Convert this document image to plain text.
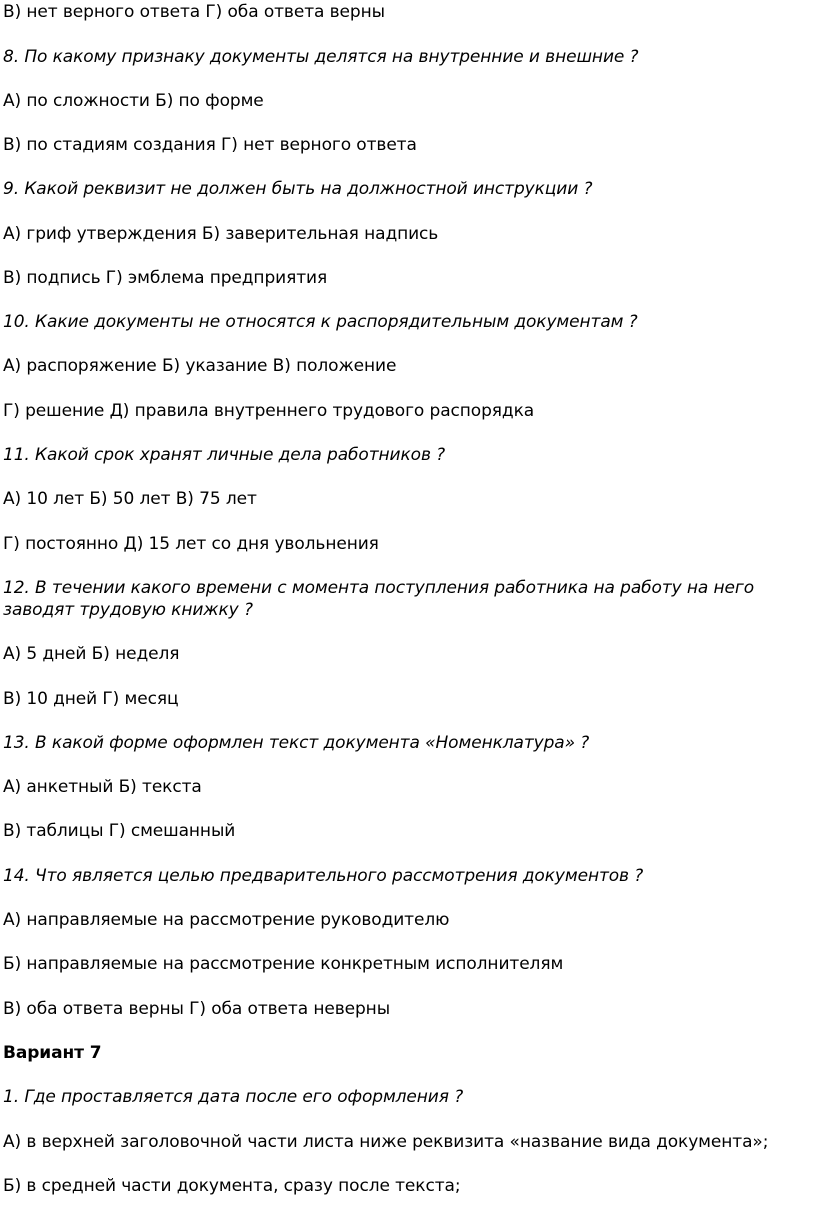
В) нет верного ответа Г) оба ответа верны
8. По какому признаку документы делятся на внутренние и внешние ?
А) по сложности Б) по форме
В) по стадиям создания Г) нет верного ответа
9. Какой реквизит не должен быть на должностной инструкции ?
А) гриф утверждения Б) заверительная надпись
В) подпись Г) эмблема предприятия
10. Какие документы не относятся к распорядительным документам ?
А) распоряжение Б) указание В) положение
Г) решение Д) правила внутреннего трудового распорядка
11. Какой срок хранят личные дела работников ?
А) 10 лет Б) 50 лет В) 75 лет
Г) постоянно Д) 15 лет со дня увольнения
12. В течении какого времени с момента поступления работника на работу на него заводят трудовую книжку ?
А) 5 дней Б) неделя
В) 10 дней Г) месяц
13. В какой форме оформлен текст документа «Номенклатура» ?
А) анкетный Б) текста
В) таблицы Г) смешанный
14. Что является целью предварительного рассмотрения документов ?
А) направляемые на рассмотрение руководителю
Б) направляемые на рассмотрение конкретным исполнителям
В) оба ответа верны Г) оба ответа неверны
Вариант 7
1. Где проставляется дата после его оформления ?
А) в верхней заголовочной части листа ниже реквизита «название вида документа»;
Б) в средней части документа, сразу после текста;
